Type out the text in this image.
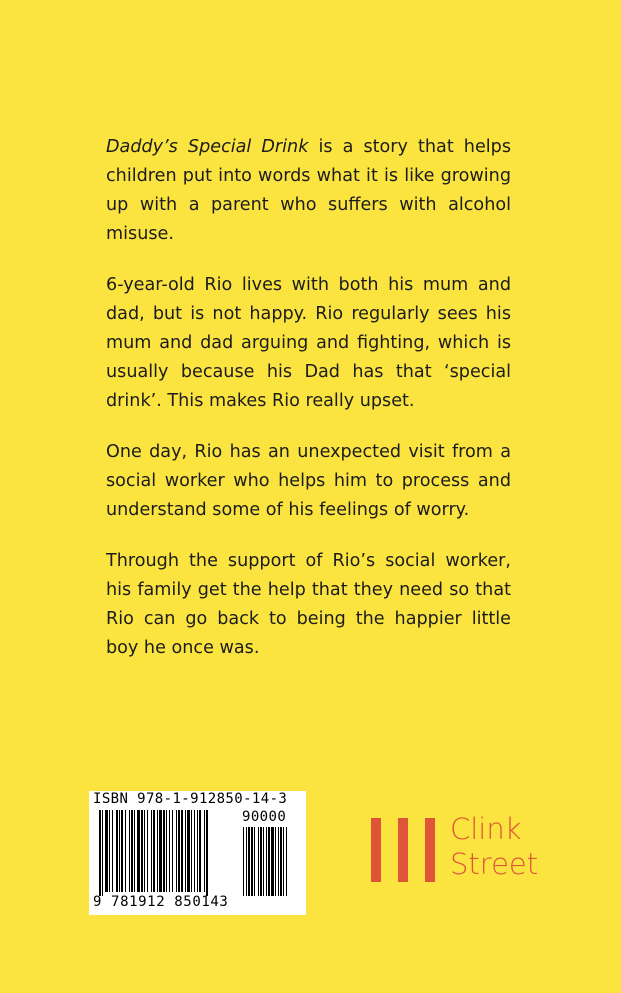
Daddy’s Special Drink is a story that helps children put into words what it is like growing up with a parent who suffers with alcohol misuse.

6-year-old Rio lives with both his mum and dad, but is not happy. Rio regularly sees his mum and dad arguing and fighting, which is usually because his Dad has that ‘special drink’. This makes Rio really upset.

One day, Rio has an unexpected visit from a social worker who helps him to process and understand some of his feelings of worry.

Through the support of Rio’s social worker, his family get the help that they need so that Rio can go back to being the happier little boy he once was.

ISBN 978-1-912850-14-3
90000
9 781912 850143
Clink
Street
